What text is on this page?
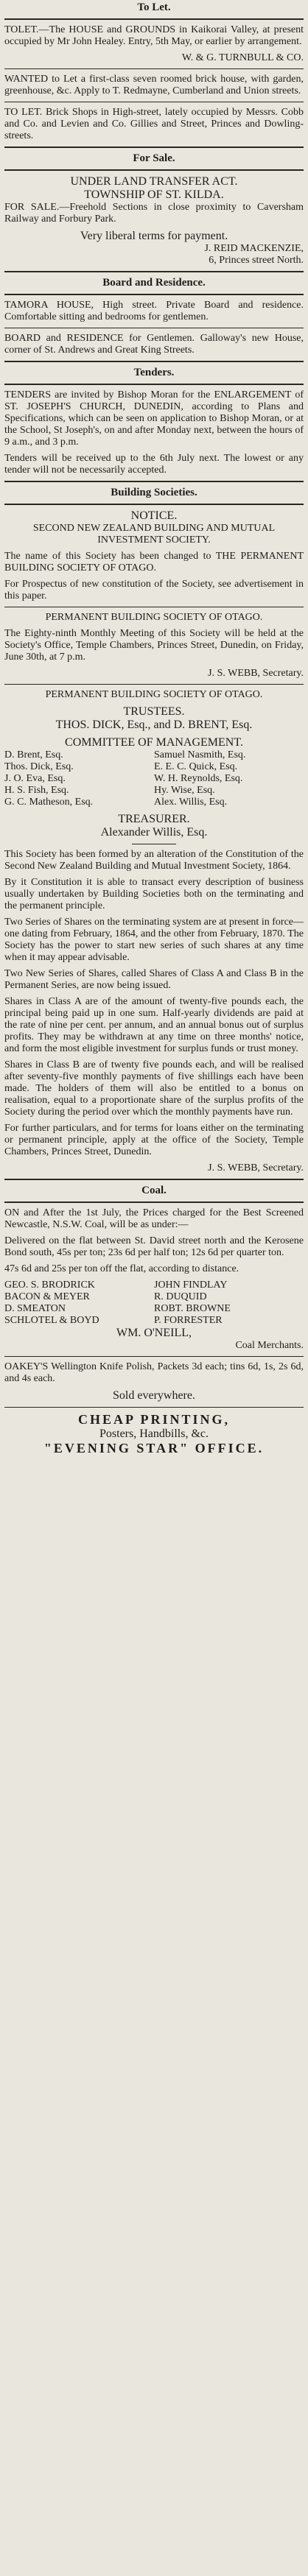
To Let.

TOLET.—The HOUSE and GROUNDS in Kaikorai Valley, at present occupied by Mr John Healey. Entry, 5th May, or earlier by arrangement.

W. & G. TURNBULL & CO.

WANTED to Let a first-class seven roomed brick house, with garden, greenhouse, &c. Apply to T. Redmayne, Cumberland and Union streets.

TO LET. Brick Shops in High-street, lately occupied by Messrs. Cobb and Co. and Levien and Co. Gillies and Street, Princes and Dowling-streets.

For Sale.
UNDER LAND TRANSFER ACT.
TOWNSHIP OF ST. KILDA.

FOR SALE.—Freehold Sections in close proximity to Caversham Railway and Forbury Park.

Very liberal terms for payment.
J. REID MACKENZIE,
6, Princes street North.
Board and Residence.

TAMORA HOUSE, High street. Private Board and residence. Comfortable sitting and bedrooms for gentlemen.

BOARD and RESIDENCE for Gentlemen. Galloway's new House, corner of St. Andrews and Great King Streets.

Tenders.

TENDERS are invited by Bishop Moran for the ENLARGEMENT of ST. JOSEPH'S CHURCH, DUNEDIN, according to Plans and Specifications, which can be seen on application to Bishop Moran, or at the School, St Joseph's, on and after Monday next, between the hours of 9 a.m., and 3 p.m.

Tenders will be received up to the 6th July next. The lowest or any tender will not be necessarily accepted.

Building Societies.
NOTICE.

SECOND NEW ZEALAND BUILDING AND MUTUAL INVESTMENT SOCIETY.

The name of this Society has been changed to THE PERMANENT BUILDING SOCIETY OF OTAGO.

For Prospectus of new constitution of the Society, see advertisement in this paper.

PERMANENT BUILDING SOCIETY OF OTAGO.

The Eighty-ninth Monthly Meeting of this Society will be held at the Society's Office, Temple Chambers, Princes Street, Dunedin, on Friday, June 30th, at 7 p.m.

J. S. WEBB, Secretary.

PERMANENT BUILDING SOCIETY OF OTAGO.

TRUSTEES.
THOS. DICK, Esq., and D. BRENT, Esq.
COMMITTEE OF MANAGEMENT.
D. Brent, Esq.	Samuel Nasmith, Esq.
Thos. Dick, Esq.	E. E. C. Quick, Esq.
J. O. Eva, Esq.	W. H. Reynolds, Esq.
H. S. Fish, Esq.	Hy. Wise, Esq.
G. C. Matheson, Esq.	Alex. Willis, Esq.
TREASURER.
Alexander Willis, Esq.

This Society has been formed by an alteration of the Constitution of the Second New Zealand Building and Mutual Investment Society, 1864.

By it Constitution it is able to transact every description of business usually undertaken by Building Societies both on the terminating and the permanent principle.

Two Series of Shares on the terminating system are at present in force—one dating from February, 1864, and the other from February, 1870. The Society has the power to start new series of such shares at any time when it may appear advisable.

Two New Series of Shares, called Shares of Class A and Class B in the Permanent Series, are now being issued.

Shares in Class A are of the amount of twenty-five pounds each, the principal being paid up in one sum. Half-yearly dividends are paid at the rate of nine per cent. per annum, and an annual bonus out of surplus profits. They may be withdrawn at any time on three months' notice, and form the most eligible investment for surplus funds or trust money.

Shares in Class B are of twenty five pounds each, and will be realised after seventy-five monthly payments of five shillings each have been made. The holders of them will also be entitled to a bonus on realisation, equal to a proportionate share of the surplus profits of the Society during the period over which the monthly payments have run.

For further particulars, and for terms for loans either on the terminating or permanent principle, apply at the office of the Society, Temple Chambers, Princes Street, Dunedin.

J. S. WEBB, Secretary.
Coal.

ON and After the 1st July, the Prices charged for the Best Screened Newcastle, N.S.W. Coal, will be as under:—

Delivered on the flat between St. David street north and the Kerosene Bond south, 45s per ton; 23s 6d per half ton; 12s 6d per quarter ton.

47s 6d and 25s per ton off the flat, according to distance.

GEO. S. BRODRICK	JOHN FINDLAY
BACON & MEYER	R. DUQUID
D. SMEATON	ROBT. BROWNE
SCHLOTEL & BOYD	P. FORRESTER
WM. O'NEILL,
Coal Merchants.

OAKEY'S Wellington Knife Polish, Packets 3d each; tins 6d, 1s, 2s 6d, and 4s each.

Sold everywhere.
CHEAP PRINTING,
Posters, Handbills, &c.
"EVENING STAR" OFFICE.
